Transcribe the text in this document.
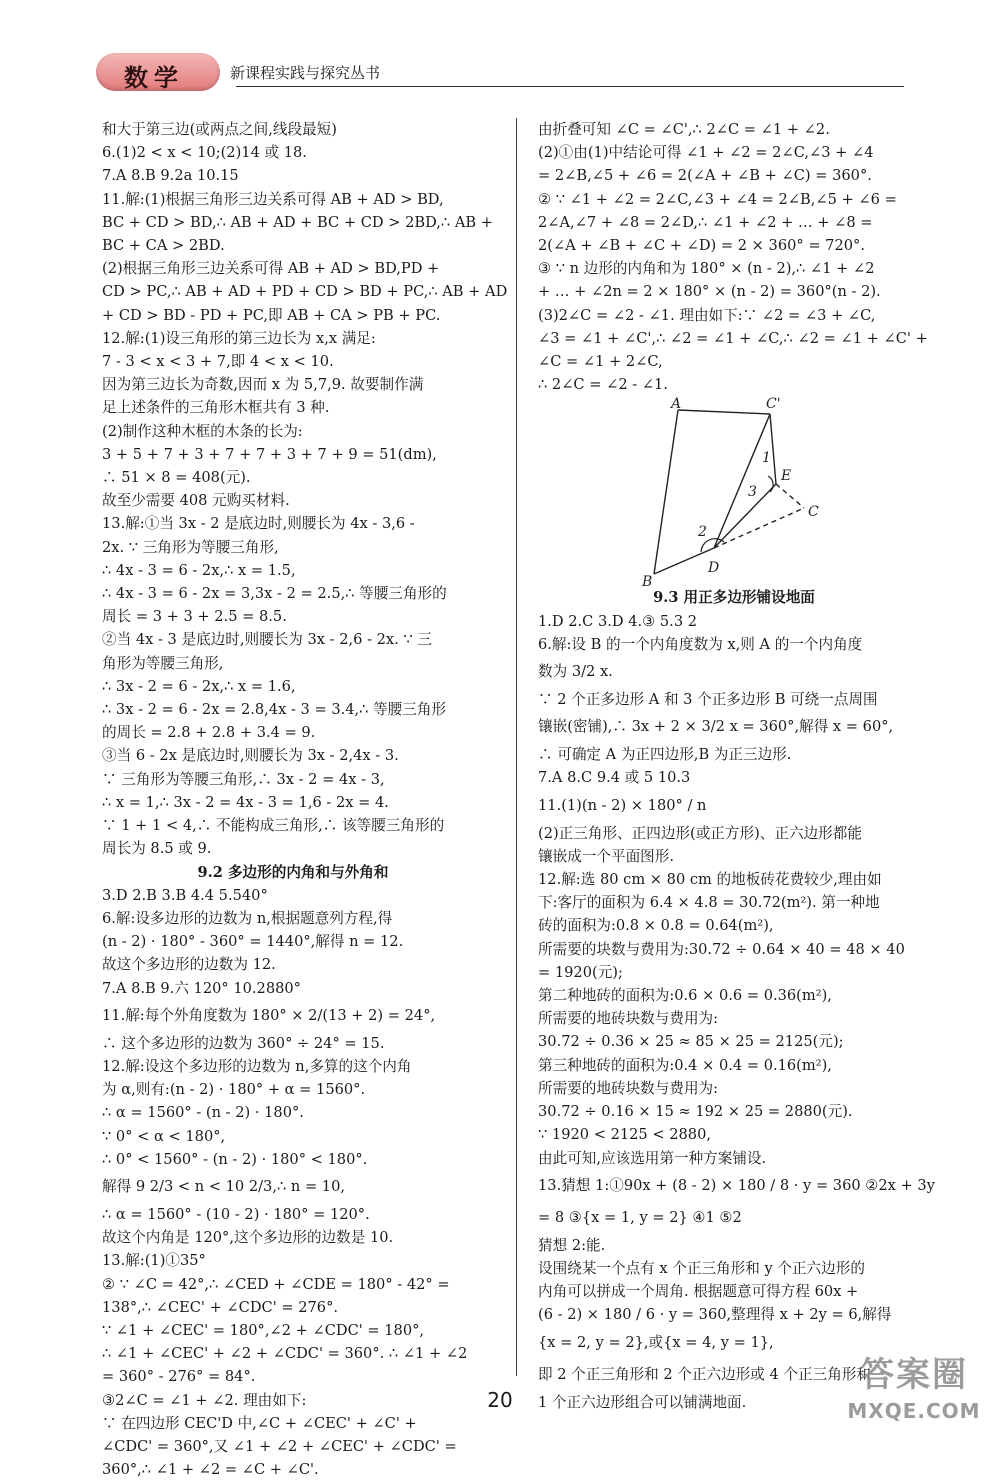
数学	新课程实践与探究丛书
和大于第三边(或两点之间,线段最短)
6.(1)2 < x < 10;(2)14 或 18.
7.A 8.B 9.2a 10.15
11.解:(1)根据三角形三边关系可得 AB + AD > BD,
BC + CD > BD,∴ AB + AD + BC + CD > 2BD,∴ AB +
BC + CA > 2BD.
(2)根据三角形三边关系可得 AB + AD > BD,PD +
CD > PC,∴ AB + AD + PD + CD > BD + PC,∴ AB + AD
+ CD > BD - PD + PC,即 AB + CA > PB + PC.
12.解:(1)设三角形的第三边长为 x,x 满足:
7 - 3 < x < 3 + 7,即 4 < x < 10.
因为第三边长为奇数,因而 x 为 5,7,9. 故要制作满
足上述条件的三角形木框共有 3 种.
(2)制作这种木框的木条的长为:
3 + 5 + 7 + 3 + 7 + 7 + 3 + 7 + 9 = 51(dm),
∴ 51 × 8 = 408(元).
故至少需要 408 元购买材料.
13.解:①当 3x - 2 是底边时,则腰长为 4x - 3,6 -
2x. ∵ 三角形为等腰三角形,
∴ 4x - 3 = 6 - 2x,∴ x = 1.5,
∴ 4x - 3 = 6 - 2x = 3,3x - 2 = 2.5,∴ 等腰三角形的
周长 = 3 + 3 + 2.5 = 8.5.
②当 4x - 3 是底边时,则腰长为 3x - 2,6 - 2x. ∵ 三
角形为等腰三角形,
∴ 3x - 2 = 6 - 2x,∴ x = 1.6,
∴ 3x - 2 = 6 - 2x = 2.8,4x - 3 = 3.4,∴ 等腰三角形
的周长 = 2.8 + 2.8 + 3.4 = 9.
③当 6 - 2x 是底边时,则腰长为 3x - 2,4x - 3.
∵ 三角形为等腰三角形,∴ 3x - 2 = 4x - 3,
∴ x = 1,∴ 3x - 2 = 4x - 3 = 1,6 - 2x = 4.
∵ 1 + 1 < 4,∴ 不能构成三角形,∴ 该等腰三角形的
周长为 8.5 或 9.
9.2 多边形的内角和与外角和
3.D 2.B 3.B 4.4 5.540°
6.解:设多边形的边数为 n,根据题意列方程,得
(n - 2) · 180° - 360° = 1440°,解得 n = 12.
故这个多边形的边数为 12.
7.A 8.B 9.六 120° 10.2880°
11.解:每个外角度数为 180° × 2/(13 + 2) = 24°,
∴ 这个多边形的边数为 360° ÷ 24° = 15.
12.解:设这个多边形的边数为 n,多算的这个内角
为 α,则有:(n - 2) · 180° + α = 1560°.
∴ α = 1560° - (n - 2) · 180°.
∵ 0° < α < 180°,
∴ 0° < 1560° - (n - 2) · 180° < 180°.
解得 9 2/3 < n < 10 2/3,∴ n = 10,
∴ α = 1560° - (10 - 2) · 180° = 120°.
故这个内角是 120°,这个多边形的边数是 10.
13.解:(1)①35°
② ∵ ∠C = 42°,∴ ∠CED + ∠CDE = 180° - 42° =
138°,∴ ∠CEC' + ∠CDC' = 276°.
∵ ∠1 + ∠CEC' = 180°,∠2 + ∠CDC' = 180°,
∴ ∠1 + ∠CEC' + ∠2 + ∠CDC' = 360°. ∴ ∠1 + ∠2
= 360° - 276° = 84°.
③2∠C = ∠1 + ∠2. 理由如下:
∵ 在四边形 CEC'D 中,∠C + ∠CEC' + ∠C' +
∠CDC' = 360°,又 ∠1 + ∠2 + ∠CEC' + ∠CDC' =
360°,∴ ∠1 + ∠2 = ∠C + ∠C'.
由折叠可知 ∠C = ∠C',∴ 2∠C = ∠1 + ∠2.
(2)①由(1)中结论可得 ∠1 + ∠2 = 2∠C,∠3 + ∠4
= 2∠B,∠5 + ∠6 = 2(∠A + ∠B + ∠C) = 360°.
② ∵ ∠1 + ∠2 = 2∠C,∠3 + ∠4 = 2∠B,∠5 + ∠6 =
2∠A,∠7 + ∠8 = 2∠D,∴ ∠1 + ∠2 + … + ∠8 =
2(∠A + ∠B + ∠C + ∠D) = 2 × 360° = 720°.
③ ∵ n 边形的内角和为 180° × (n - 2),∴ ∠1 + ∠2
+ … + ∠2n = 2 × 180° × (n - 2) = 360°(n - 2).
(3)2∠C = ∠2 - ∠1. 理由如下:∵ ∠2 = ∠3 + ∠C,
∠3 = ∠1 + ∠C',∴ ∠2 = ∠1 + ∠C,∴ ∠2 = ∠1 + ∠C' +
∠C = ∠1 + 2∠C,
∴ 2∠C = ∠2 - ∠1.
A	C'
1
E
3
2
D
C
B
9.3 用正多边形铺设地面
1.D 2.C 3.D 4.③ 5.3 2
6.解:设 B 的一个内角度数为 x,则 A 的一个内角度
数为 3/2 x.
∵ 2 个正多边形 A 和 3 个正多边形 B 可绕一点周围
镶嵌(密铺),∴ 3x + 2 × 3/2 x = 360°,解得 x = 60°,
∴ 可确定 A 为正四边形,B 为正三边形.
7.A 8.C 9.4 或 5 10.3
11.(1)(n - 2) × 180° / n
(2)正三角形、正四边形(或正方形)、正六边形都能
镶嵌成一个平面图形.
12.解:选 80 cm × 80 cm 的地板砖花费较少,理由如
下:客厅的面积为 6.4 × 4.8 = 30.72(m²). 第一种地
砖的面积为:0.8 × 0.8 = 0.64(m²),
所需要的块数与费用为:30.72 ÷ 0.64 × 40 = 48 × 40
= 1920(元);
第二种地砖的面积为:0.6 × 0.6 = 0.36(m²),
所需要的地砖块数与费用为:
30.72 ÷ 0.36 × 25 ≈ 85 × 25 = 2125(元);
第三种地砖的面积为:0.4 × 0.4 = 0.16(m²),
所需要的地砖块数与费用为:
30.72 ÷ 0.16 × 15 ≈ 192 × 25 = 2880(元).
∵ 1920 < 2125 < 2880,
由此可知,应该选用第一种方案铺设.
13.猜想 1:①90x + (8 - 2) × 180 / 8 · y = 360 ②2x + 3y
= 8 ③{x = 1, y = 2} ④1 ⑤2
猜想 2:能.
设围绕某一个点有 x 个正三角形和 y 个正六边形的
内角可以拼成一个周角. 根据题意可得方程 60x +
(6 - 2) × 180 / 6 · y = 360,整理得 x + 2y = 6,解得
{x = 2, y = 2},或{x = 4, y = 1},
即 2 个正三角形和 2 个正六边形或 4 个正三角形和
1 个正六边形组合可以铺满地面.
20
答案圈
MXQE.COM
